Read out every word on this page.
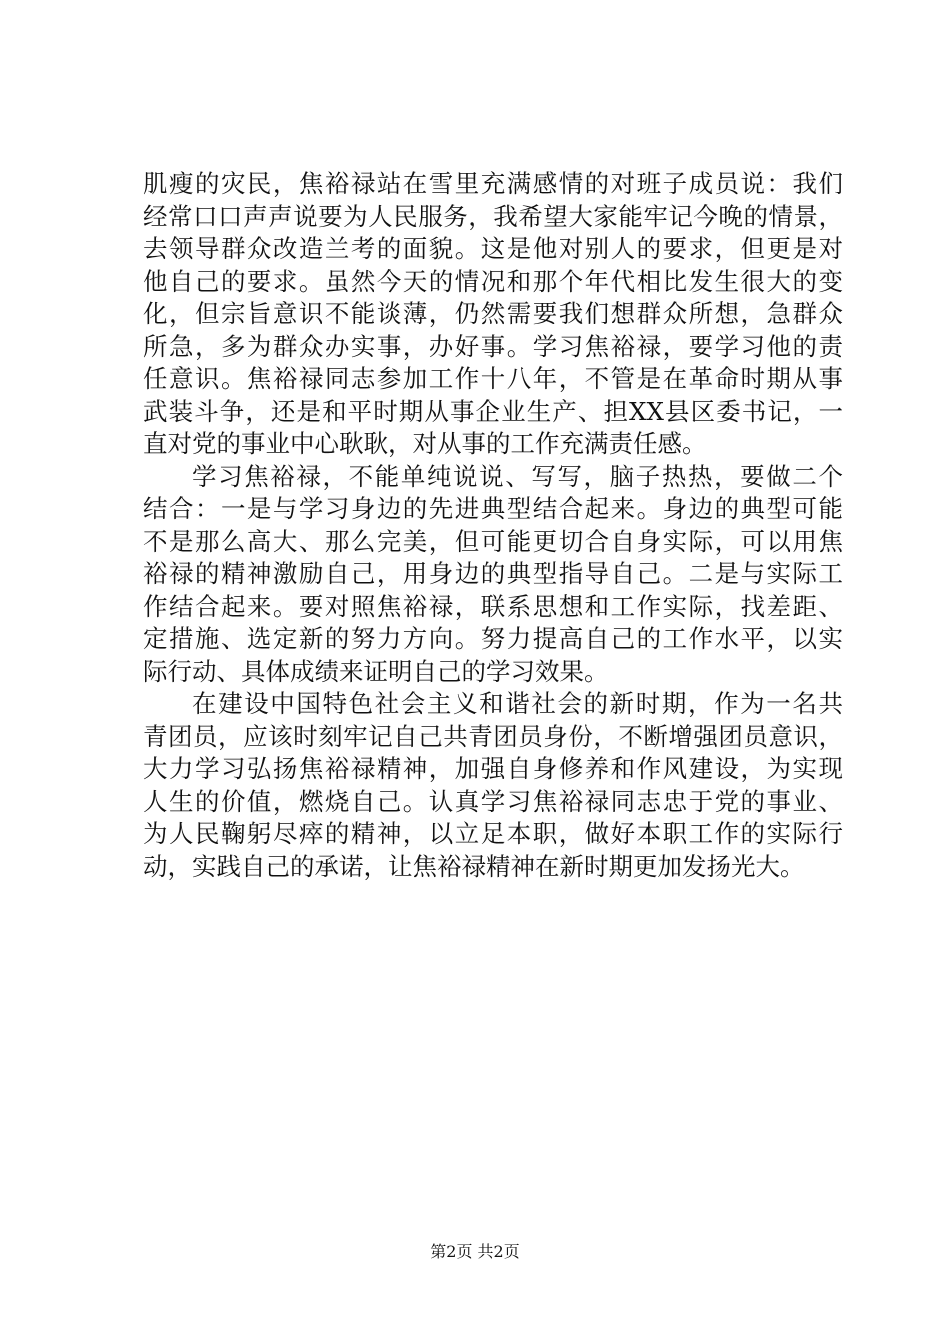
肌瘦的灾民，焦裕禄站在雪里充满感情的对班子成员说：我们
经常口口声声说要为人民服务，我希望大家能牢记今晚的情景，
去领导群众改造兰考的面貌。这是他对别人的要求，但更是对
他自己的要求。虽然今天的情况和那个年代相比发生很大的变
化，但宗旨意识不能谈薄，仍然需要我们想群众所想，急群众
所急，多为群众办实事，办好事。学习焦裕禄，要学习他的责
任意识。焦裕禄同志参加工作十八年，不管是在革命时期从事
武装斗争，还是和平时期从事企业生产、担XX县区委书记，一
直对党的事业中心耿耿，对从事的工作充满责任感。
学习焦裕禄，不能单纯说说、写写，脑子热热，要做二个
结合：一是与学习身边的先进典型结合起来。身边的典型可能
不是那么高大、那么完美，但可能更切合自身实际，可以用焦
裕禄的精神激励自己，用身边的典型指导自己。二是与实际工
作结合起来。要对照焦裕禄，联系思想和工作实际，找差距、
定措施、选定新的努力方向。努力提高自己的工作水平，以实
际行动、具体成绩来证明自己的学习效果。
在建设中国特色社会主义和谐社会的新时期，作为一名共
青团员，应该时刻牢记自己共青团员身份，不断增强团员意识，
大力学习弘扬焦裕禄精神，加强自身修养和作风建设，为实现
人生的价值，燃烧自己。认真学习焦裕禄同志忠于党的事业、
为人民鞠躬尽瘁的精神，以立足本职，做好本职工作的实际行
动，实践自己的承诺，让焦裕禄精神在新时期更加发扬光大。
第2页 共2页
